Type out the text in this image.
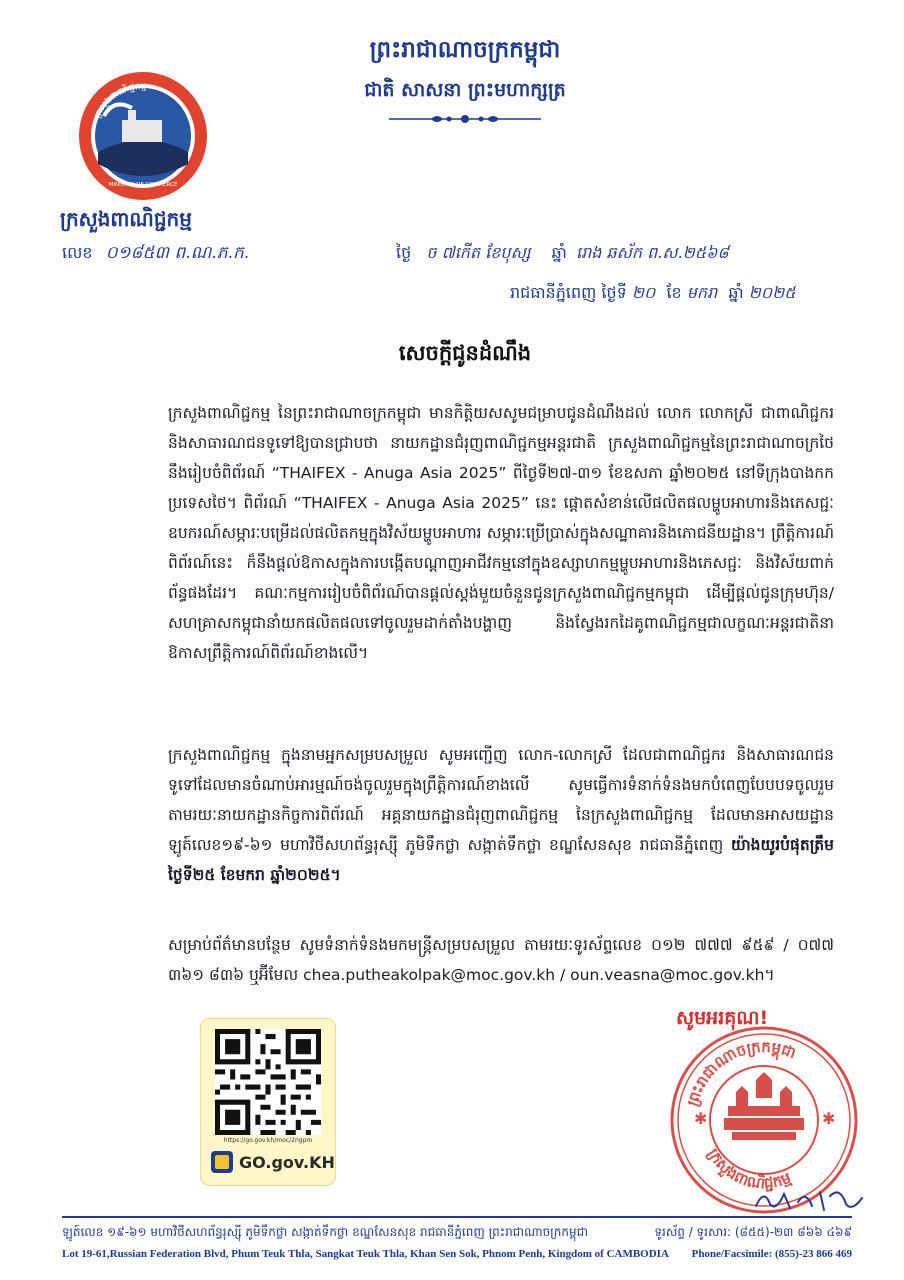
ក្រសួងពាណិជ្ជកម្ម
MINISTRY OF COMMERCE
ក្រសួងពាណិជ្ជកម្ម
ព្រះរាជាណាចក្រកម្ពុជា
ជាតិ សាសនា ព្រះមហាក្សត្រ
លេខ ០១៨៥៣ ព.ណ.ភ.ក.	ថ្ងៃ ច ៧កើត ខែបុស្ស ឆ្នាំ រោង ឆស័ក ព.ស.២៥៦៨
រាជធានីភ្នំពេញ ថ្ងៃទី ២០ ខែ មករា ឆ្នាំ ២០២៥
សេចក្តីជូនដំណឹង
ក្រសួងពាណិជ្ជកម្ម នៃព្រះរាជាណាចក្រកម្ពុជា មានកិត្តិយសសូមជម្រាបជូនដំណឹងដល់ លោក លោកស្រី ជាពាណិជ្ជករ និងសាធារណជនទូទៅឱ្យបានជ្រាបថា នាយកដ្ឋានជំរុញពាណិជ្ជកម្មអន្តរជាតិ ក្រសួងពាណិជ្ជកម្មនៃព្រះរាជាណាចក្រថៃ នឹងរៀបចំពិព័រណ៍ “THAIFEX - Anuga Asia 2025” ពីថ្ងៃទី២៧-៣១ ខែឧសភា ឆ្នាំ២០២៥ នៅទីក្រុងបាងកក ប្រទេសថៃ។ ពិព័រណ៍ “THAIFEX - Anuga Asia 2025” នេះ ផ្តោតសំខាន់លើផលិតផលម្ហូបអាហារនិងភេសជ្ជៈ ឧបករណ៍សម្ភារៈបម្រើដល់ផលិតកម្មក្នុងវិស័យម្ហូបអាហារ សម្ភារៈប្រើប្រាស់ក្នុងសណ្ឋាគារនិងភោជនីយដ្ឋាន។ ព្រឹត្តិការណ៍ពិព័រណ៍នេះ ក៏នឹងផ្តល់ឱកាសក្នុងការបង្កើតបណ្តាញអាជីវកម្មនៅក្នុងឧស្សាហកម្មម្ហូបអាហារនិងភេសជ្ជៈ និងវិស័យពាក់ព័ន្ធផងដែរ។ គណៈកម្មការរៀបចំពិព័រណ៍បានផ្តល់ស្តង់មួយចំនួនជូនក្រសួងពាណិជ្ជកម្មកម្ពុជា ដើម្បីផ្តល់ជូនក្រុមហ៊ុន/សហគ្រាសកម្ពុជានាំយកផលិតផលទៅចូលរួមដាក់តាំងបង្ហាញ និងស្វែងរកដៃគូពាណិជ្ជកម្មជាលក្ខណៈអន្តរជាតិនាឱកាសព្រឹត្តិការណ៍ពិព័រណ៍ខាងលើ។
ក្រសួងពាណិជ្ជកម្ម ក្នុងនាមអ្នកសម្របសម្រួល សូមអញ្ជើញ លោក-លោកស្រី ដែលជាពាណិជ្ជករ និងសាធារណជនទូទៅដែលមានចំណាប់អារម្មណ៍ចង់ចូលរួមក្នុងព្រឹត្តិការណ៍ខាងលើ សូមធ្វើការទំនាក់ទំនងមកបំពេញបែបបទចូលរួមតាមរយៈនាយកដ្ឋានកិច្ចការពិព័រណ៍ អគ្គនាយកដ្ឋានជំរុញពាណិជ្ជកម្ម នៃក្រសួងពាណិជ្ជកម្ម ដែលមានអាសយដ្ឋានឡូត៍លេខ១៩-៦១ មហាវិថីសហព័ន្ធរុស្ស៊ី ភូមិទឹកថ្លា សង្កាត់ទឹកថ្លា ខណ្ឌសែនសុខ រាជធានីភ្នំពេញ យ៉ាងយូរបំផុតត្រឹមថ្ងៃទី២៥ ខែមករា ឆ្នាំ២០២៥។
សម្រាប់ព័ត៌មានបន្ថែម សូមទំនាក់ទំនងមកមន្ត្រីសម្របសម្រួល តាមរយៈទូរស័ព្ទលេខ ០១២ ៧៧៧ ៩៥៩ / ០៧៧ ៣៦១ ៨៣៦ ឬអ៊ីមែល chea.putheakolpak@moc.gov.kh / oun.veasna@moc.gov.kh។
សូមអរគុណ!
https://go.gov.kh/moc/2ngpm
GO.gov.KH
ព្រះរាជាណាចក្រកម្ពុជា
ក្រសួងពាណិជ្ជកម្ម
✱	✱
ឡូត៍លេខ ១៩-៦១ មហាវិថីសហព័ន្ធរុស្ស៊ី ភូមិទឹកថ្លា សង្កាត់ទឹកថ្លា ខណ្ឌសែនសុខ រាជធានីភ្នំពេញ ព្រះរាជាណាចក្រកម្ពុជា	ទូរស័ព្ទ / ទូរសារ: (៨៥៥)-២៣ ៨៦៦ ៤៦៩
Lot 19-61,Russian Federation Blvd, Phum Teuk Thla, Sangkat Teuk Thla, Khan Sen Sok, Phnom Penh, Kingdom of CAMBODIA Phone/Facsimile: (855)-23 866 469
